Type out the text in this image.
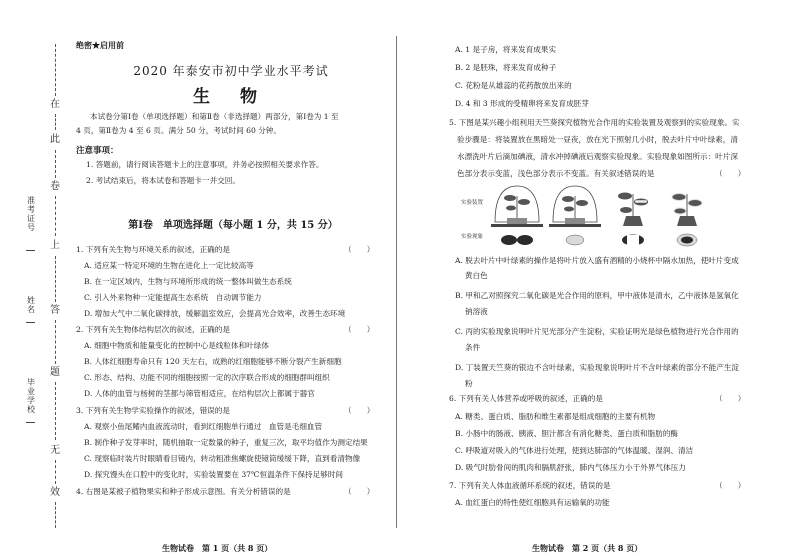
准考证号
姓名
毕业学校
在
此
卷
上
答
题
无
效
绝密★启用前
2020 年泰安市初中学业水平考试
生 物
本试卷分第Ⅰ卷（单项选择题）和第Ⅱ卷（非选择题）两部分，第Ⅰ卷为 1 至
4 页，第Ⅱ卷为 4 至 6 页。满分 50 分，考试时间 60 分钟。
注意事项：
1. 答题前，请行阅读答题卡上的注意事项，并务必按照相关要求作答。
2. 考试结束后，将本试卷和答题卡一并交回。
第Ⅰ卷　单项选择题（每小题 1 分，共 15 分）
1. 下列有关生物与环境关系的叙述，正确的是	（　　）
A. 适应某一特定环境的生物在进化上一定比较高等
B. 在一定区域内，生物与环境所形成的统一整体叫做生态系统
C. 引入外来物种一定能提高生态系统　自动调节能力
D. 增加大气中二氧化碳排放，缓解温室效应，会提高光合效率，改善生态环境
2. 下列有关生物体结构层次的叙述，正确的是	（　　）
A. 细胞中物质和能量变化的控制中心是线粒体和叶绿体
B. 人体红细胞寿命只有 120 天左右，成熟的红细胞能够不断分裂产生新细胞
C. 形态、结构、功能不同的细胞按照一定的次序联合形成的细胞群叫组织
D. 人体的血管与杨树的茎都与筛管相适应，在结构层次上都属于器官
3. 下列有关生物学实验操作的叙述，错误的是	（　　）
A. 观察小鱼尾鳍内血液流动时，看到红细胞单行通过　血管是毛细血管
B. 制作种子发芽率时，随机抽取一定数量的种子，重复三次，取平均值作为测定结果
C. 现察临时装片时眼睛看目镜内，转动粗准焦螺旋使镜筒缓缓下降，直到看清物像
D. 探究馒头在口腔中的变化时，实验装置要在 37℃恒温条件下保持足够时间
4. 右图是某被子植物果实和种子形成示意图。有关分析错误的是	（　　）
生物试卷　第 1 页（共 8 页）
A. 1 是子房，将来发育成果实
B. 2 是胚珠，将来发育成种子
C. 花粉是从雄蕊的花药散放出来的
D. 4 和 3 形成的受精卵将来发育成胚芽
5. 下图是某兴趣小组利用天竺葵探究植物光合作用的实验装置及观察到的实验现象。实
验步骤是：将装置放在黑暗处一昼夜，放在光下照射几小时，脱去叶片中叶绿素，清
水漂洗叶片后滴加碘液，清水冲掉碘液后观察实验现象。实验现象如图所示：叶片深
色部分表示变蓝，浅色部分表示不变蓝。有关叙述错误的是	（　　）
实验装置
实验现象
A. 脱去叶片中叶绿素的操作是将叶片放入盛有酒精的小烧杯中隔水加热，使叶片变成
黄白色
B. 甲和乙对照探究二氧化碳是光合作用的原料，甲中液体是清水，乙中液体是氢氧化
钠溶液
C. 丙的实验现象说明叶片见光部分产生淀粉，实验证明光是绿色植物进行光合作用的
条件
D. 丁装置天竺葵的银边不含叶绿素，实验现象说明叶片不含叶绿素的部分不能产生淀
粉
6. 下列有关人体营养或呼吸的叙述，正确的是	（　　）
A. 糖类、蛋白质、脂肪和维生素都是组成细胞的主要有机物
B. 小肠中的肠液、胰液、胆汁都含有消化糖类、蛋白质和脂肪的酶
C. 呼吸道对吸入的气体进行处理，使到达肺部的气体温暖、湿润、清洁
D. 吸气时肋骨间的肌肉和膈肌舒张，肺内气体压力小于外界气体压力
7. 下列有关人体血液循环系统的叙述，错误的是	（　　）
A. 血红蛋白的特性使红细胞具有运输氧的功能
生物试卷　第 2 页（共 8 页）
